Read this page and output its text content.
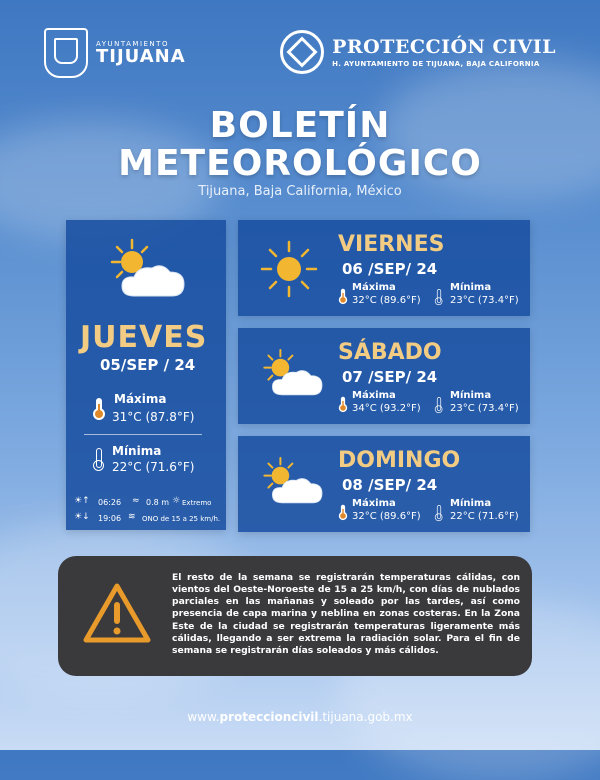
AYUNTAMIENTO
TIJUANA	PROTECCIÓN CIVIL
H. AYUNTAMIENTO DE TIJUANA, BAJA CALIFORNIA
BOLETÍN
METEOROLÓGICO
Tijuana, Baja California, México
JUEVES
05/SEP / 24
Máxima
31°C (87.8°F)
Mínima
22°C (71.6°F)
☀↑ 06:26 ≈ 0.8 m ☼ Extremo
☀↓ 19:06 ≋ ONO de 15 a 25 km/h.
VIERNES
06 /SEP/ 24
Máxima
32°C (89.6°F)
Mínima
23°C (73.4°F)
SÁBADO
07 /SEP/ 24
Máxima
34°C (93.2°F)
Mínima
23°C (73.4°F)
DOMINGO
08 /SEP/ 24
Máxima
32°C (89.6°F)
Mínima
22°C (71.6°F)
El resto de la semana se registrarán temperaturas cálidas, con vientos del Oeste-Noroeste de 15 a 25 km/h, con días de nublados parciales en las mañanas y soleado por las tardes, así como presencia de capa marina y neblina en zonas costeras. En la Zona Este de la ciudad se registrarán temperaturas ligeramente más cálidas, llegando a ser extrema la radiación solar. Para el fin de semana se registrarán días soleados y más cálidos.
www.proteccioncivil.tijuana.gob.mx
